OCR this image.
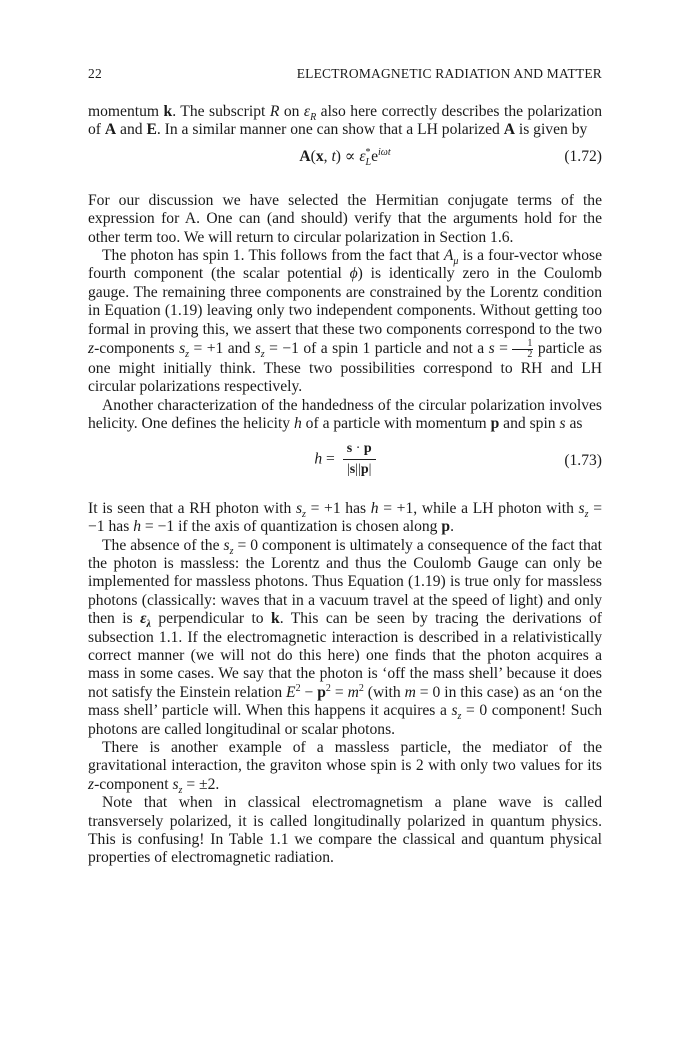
22	ELECTROMAGNETIC RADIATION AND MATTER

momentum k. The subscript R on $\varepsilon_R$ also here correctly describes the polarization of A and E. In a similar manner one can show that a LH polarized A is given by

A(x, $t) \propto \varepsilon^*_Le^{i\omega t}$	(1.72)

For our discussion we have selected the Hermitian conjugate terms of the expression for A. One can (and should) verify that the arguments hold for the other term too. We will return to circular polarization in Section 1.6.

The photon has spin 1. This follows from the fact that $A_\mu$ is a four-vector whose fourth component (the scalar potential ϕ) is identically zero in the Coulomb gauge. The remaining three components are constrained by the Lorentz condition in Equation (1.19) leaving only two independent components. Without getting too formal in proving this, we assert that these two components correspond to the two z-components $s_z = +1$ and $s_z = -1$ of a spin 1 particle and not a $s = \frac{1}{2}$ particle as one might initially think. These two possibilities correspond to RH and LH circular polarizations respectively.

Another characterization of the handedness of the circular polarization involves helicity. One defines the helicity h of a particle with momentum p and spin s as

$h = \frac{s \cdot p}{|s||p|}$	(1.73)

It is seen that a RH photon with $s_z = +1$ has h = +1, while a LH photon with $s_z = -1$ has h = −1 if the axis of quantization is chosen along p.

The absence of the $s_z = 0$ component is ultimately a consequence of the fact that the photon is massless: the Lorentz and thus the Coulomb Gauge can only be implemented for massless photons. Thus Equation (1.19) is true only for massless photons (classically: waves that in a vacuum travel at the speed of light) and only then is $\varepsilon_\lambda$ perpendicular to k. This can be seen by tracing the derivations of subsection 1.1. If the electromagnetic interaction is described in a relativistically correct manner (we will not do this here) one finds that the photon acquires a mass in some cases. We say that the photon is ‘off the mass shell’ because it does not satisfy the Einstein relation $E^2 - p^2 = m^2$ (with m = 0 in this case) as an ‘on the mass shell’ particle will. When this happens it acquires a $s_z = 0$ component! Such photons are called longitudinal or scalar photons.

There is another example of a massless particle, the mediator of the gravitational interaction, the graviton whose spin is 2 with only two values for its z-component $s_z = \pm 2$.

Note that when in classical electromagnetism a plane wave is called transversely polarized, it is called longitudinally polarized in quantum physics. This is confusing! In Table 1.1 we compare the classical and quantum physical properties of electromagnetic radiation.
